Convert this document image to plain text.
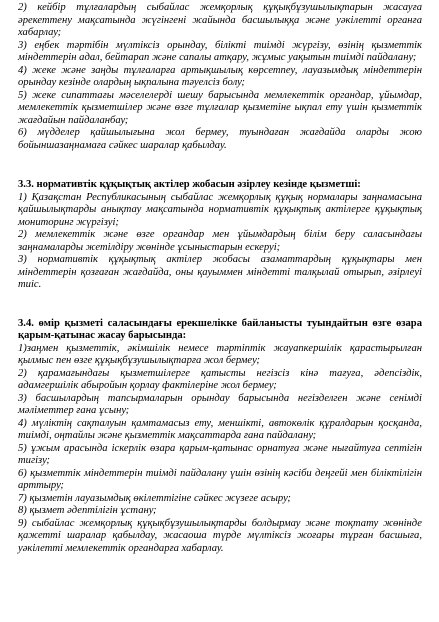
2) кейбір тұлғалардың сыбайлас жемқорлық құқықбұзушылықтарын жасауға әрекеттену мақсатында жүгінгені жайында басшылыққа және уәкілетті органға хабарлау;

3) еңбек тәртібін мүлтіксіз орындау, біліктi тиімді жүргізу, өзінің қызметтік міндеттерін адал, бейтарап және сапалы атқару, жұмыс уақытын тиімді пайдалану;

4) жеке және заңды тұлғаларға артықшылық көрсетпеу, лауазымдық міндеттерін орындау кезінде олардың ықпалына тәуелсіз болу;

5) жеке сипаттағы мәселелерді шешу барысында мемлекеттік органдар, ұйымдар, мемлекеттік қызметшілер және өзге тұлғалар қызметіне ықпал ету үшін қызметтік жағдайын пайдаланбау;

6) мүдделер қайшылығына жол бермеу, туындаған жағдайда оларды жою бойыншазаңнамаға сәйкес шаралар қабылдау.

3.3. нормативтік құқықтық актілер жобасын әзірлеу кезінде қызметші:

1) Қазақстан Республикасының сыбайлас жемқорлық құқық нормалары заңнамасына қайшылықтарды анықтау мақсатында нормативтік құқықтық актілерге құқықтық мониторинг жүргізуі;

2) мемлекеттік және өзге органдар мен ұйымдардың білім беру саласындағы заңнамаларды жетілдіру жөнінде ұсыныстарын ескеруі;

3) нормативтік құқықтық актілер жобасы азаматтардың құқықтары мен міндеттерін қозғаған жағдайда, оны қауыммен міндетті талқылай отырып, әзірлеуі тиіс.

3.4. өмір қызметі саласындағы ерекшелікке байланысты туындайтын өзге өзара қарым-қатынас жасау барысында:

1)заңмен қызметтік, әкімшілік немесе тәртіптік жауапкершілік қарастырылған қылмыс пен өзге құқықбұзушылықтарға жол бермеу;

2) қарамағындағы қызметшілерге қатысты негізсіз кінә тағуға, әдепсіздік, адамгершілік абыройын қорлау фактілеріне жол бермеу;

3) басшылардың тапсырмаларын орындау барысында негізделген және сенімді мәліметтер ғана ұсыну;

4) мүліктің сақталуын қамтамасыз ету, меншікті, автокөлік құралдарын қосқанда, тиімді, оңтайлы және қызметтік мақсаттарда ғана пайдалану;

5) ұжым арасында іскерлік өзара қарым-қатынас орнатуға және нығайтуға септігін тигізу;

6) қызметтік міндеттерін тиімді пайдалану үшін өзінің кәсіби деңгейі мен біліктілігін арттыру;

7) қызметін лауазымдық өкілеттігіне сәйкес жүзеге асыру;

8) қызмет әдептілігін ұстану;

9) сыбайлас жемқорлық құқықбұзушылықтарды болдырмау және тоқтату жөнінде қажетті шаралар қабылдау, жасаоша түрде мүлтіксіз жоғары тұрған басшыға, уәкілетті мемлекеттік органдарға хабарлау.
